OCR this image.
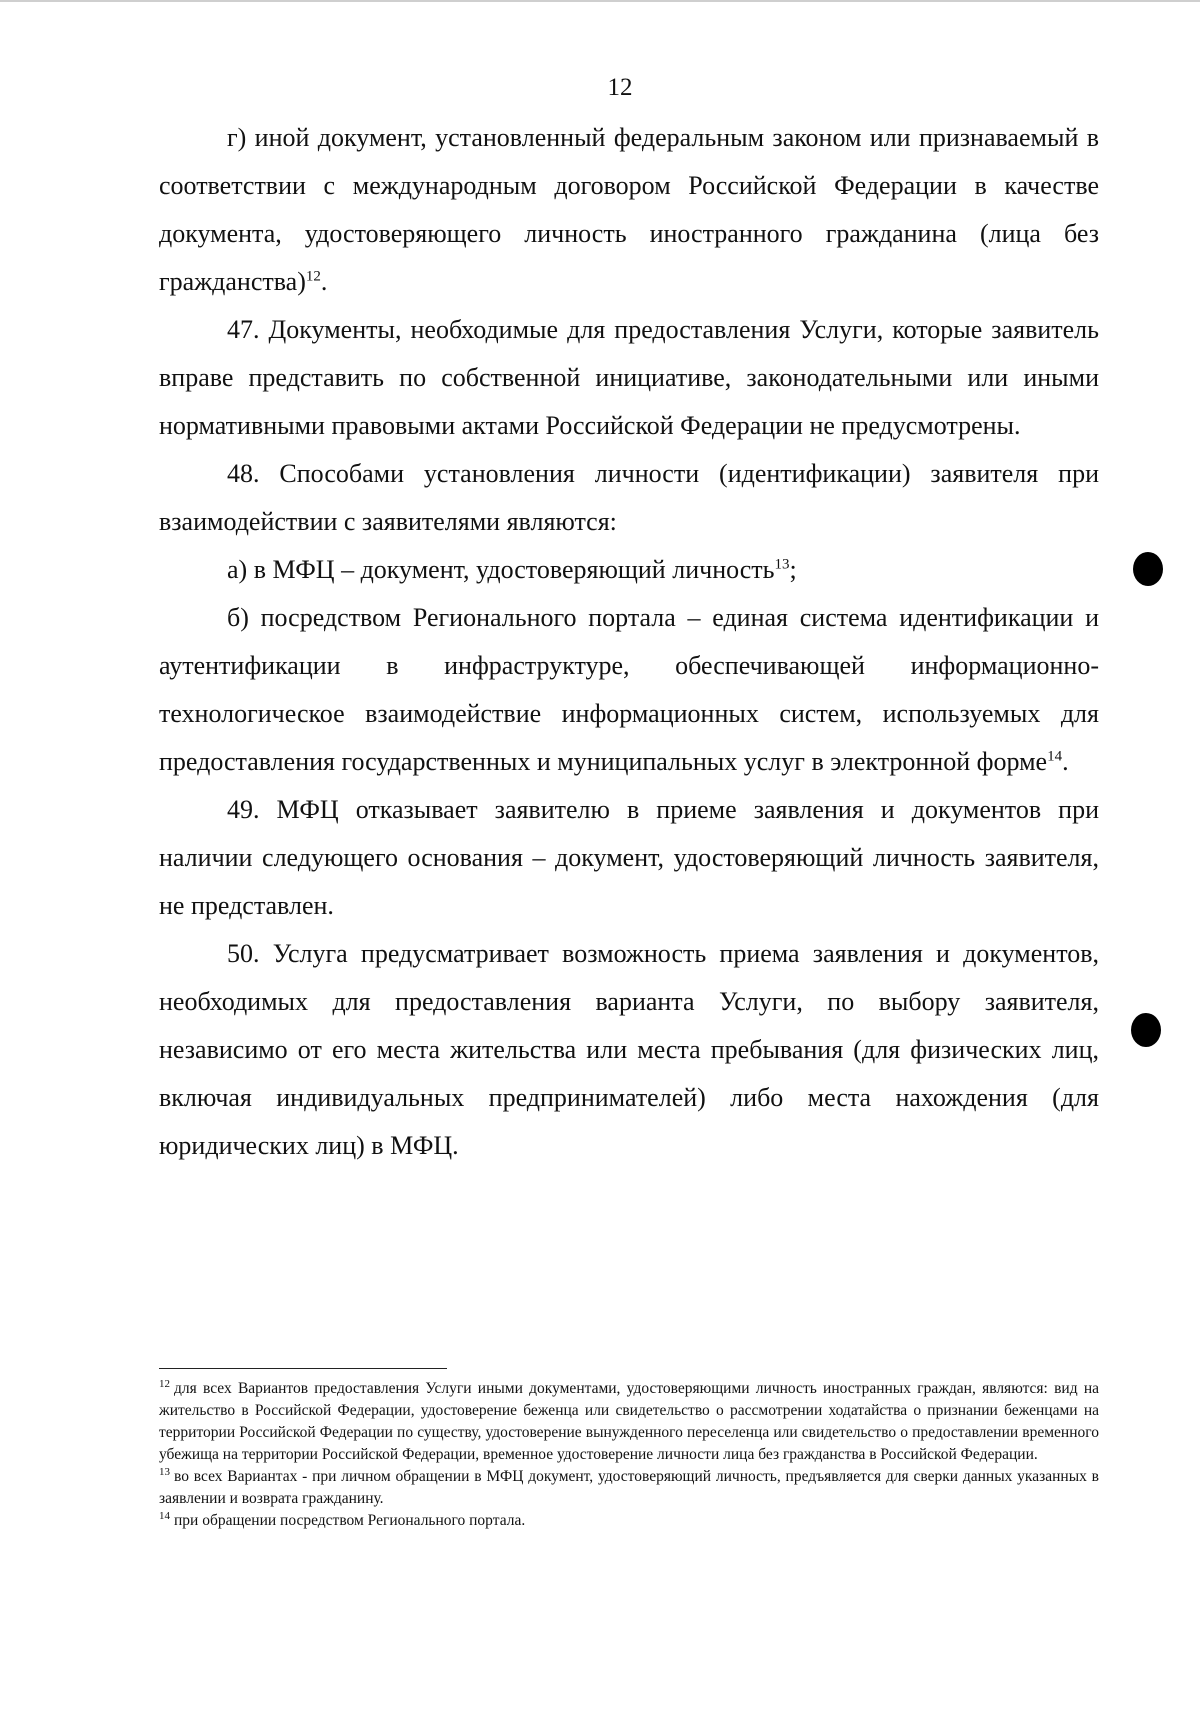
12

г) иной документ, установленный федеральным законом или признаваемый в соответствии с международным договором Российской Федерации в качестве документа, удостоверяющего личность иностранного гражданина (лица без гражданства)$^{12}$.

47. Документы, необходимые для предоставления Услуги, которые заявитель вправе представить по собственной инициативе, законодательными или иными нормативными правовыми актами Российской Федерации не предусмотрены.

48. Способами установления личности (идентификации) заявителя при взаимодействии с заявителями являются:

а) в МФЦ – документ, удостоверяющий личность$^{13}$;

б) посредством Регионального портала – единая система идентификации и аутентификации в инфраструктуре, обеспечивающей информационно-технологическое взаимодействие информационных систем, используемых для предоставления государственных и муниципальных услуг в электронной форме$^{14}$.

49. МФЦ отказывает заявителю в приеме заявления и документов при наличии следующего основания – документ, удостоверяющий личность заявителя, не представлен.

50. Услуга предусматривает возможность приема заявления и документов, необходимых для предоставления варианта Услуги, по выбору заявителя, независимо от его места жительства или места пребывания (для физических лиц, включая индивидуальных предпринимателей) либо места нахождения (для юридических лиц) в МФЦ.

$^{12}$ для всех Вариантов предоставления Услуги иными документами, удостоверяющими личность иностранных граждан, являются: вид на жительство в Российской Федерации, удостоверение беженца или свидетельство о рассмотрении ходатайства о признании беженцами на территории Российской Федерации по существу, удостоверение вынужденного переселенца или свидетельство о предоставлении временного убежища на территории Российской Федерации, временное удостоверение личности лица без гражданства в Российской Федерации.

$^{13}$ во всех Вариантах - при личном обращении в МФЦ документ, удостоверяющий личность, предъявляется для сверки данных указанных в заявлении и возврата гражданину.

$^{14}$ при обращении посредством Регионального портала.
